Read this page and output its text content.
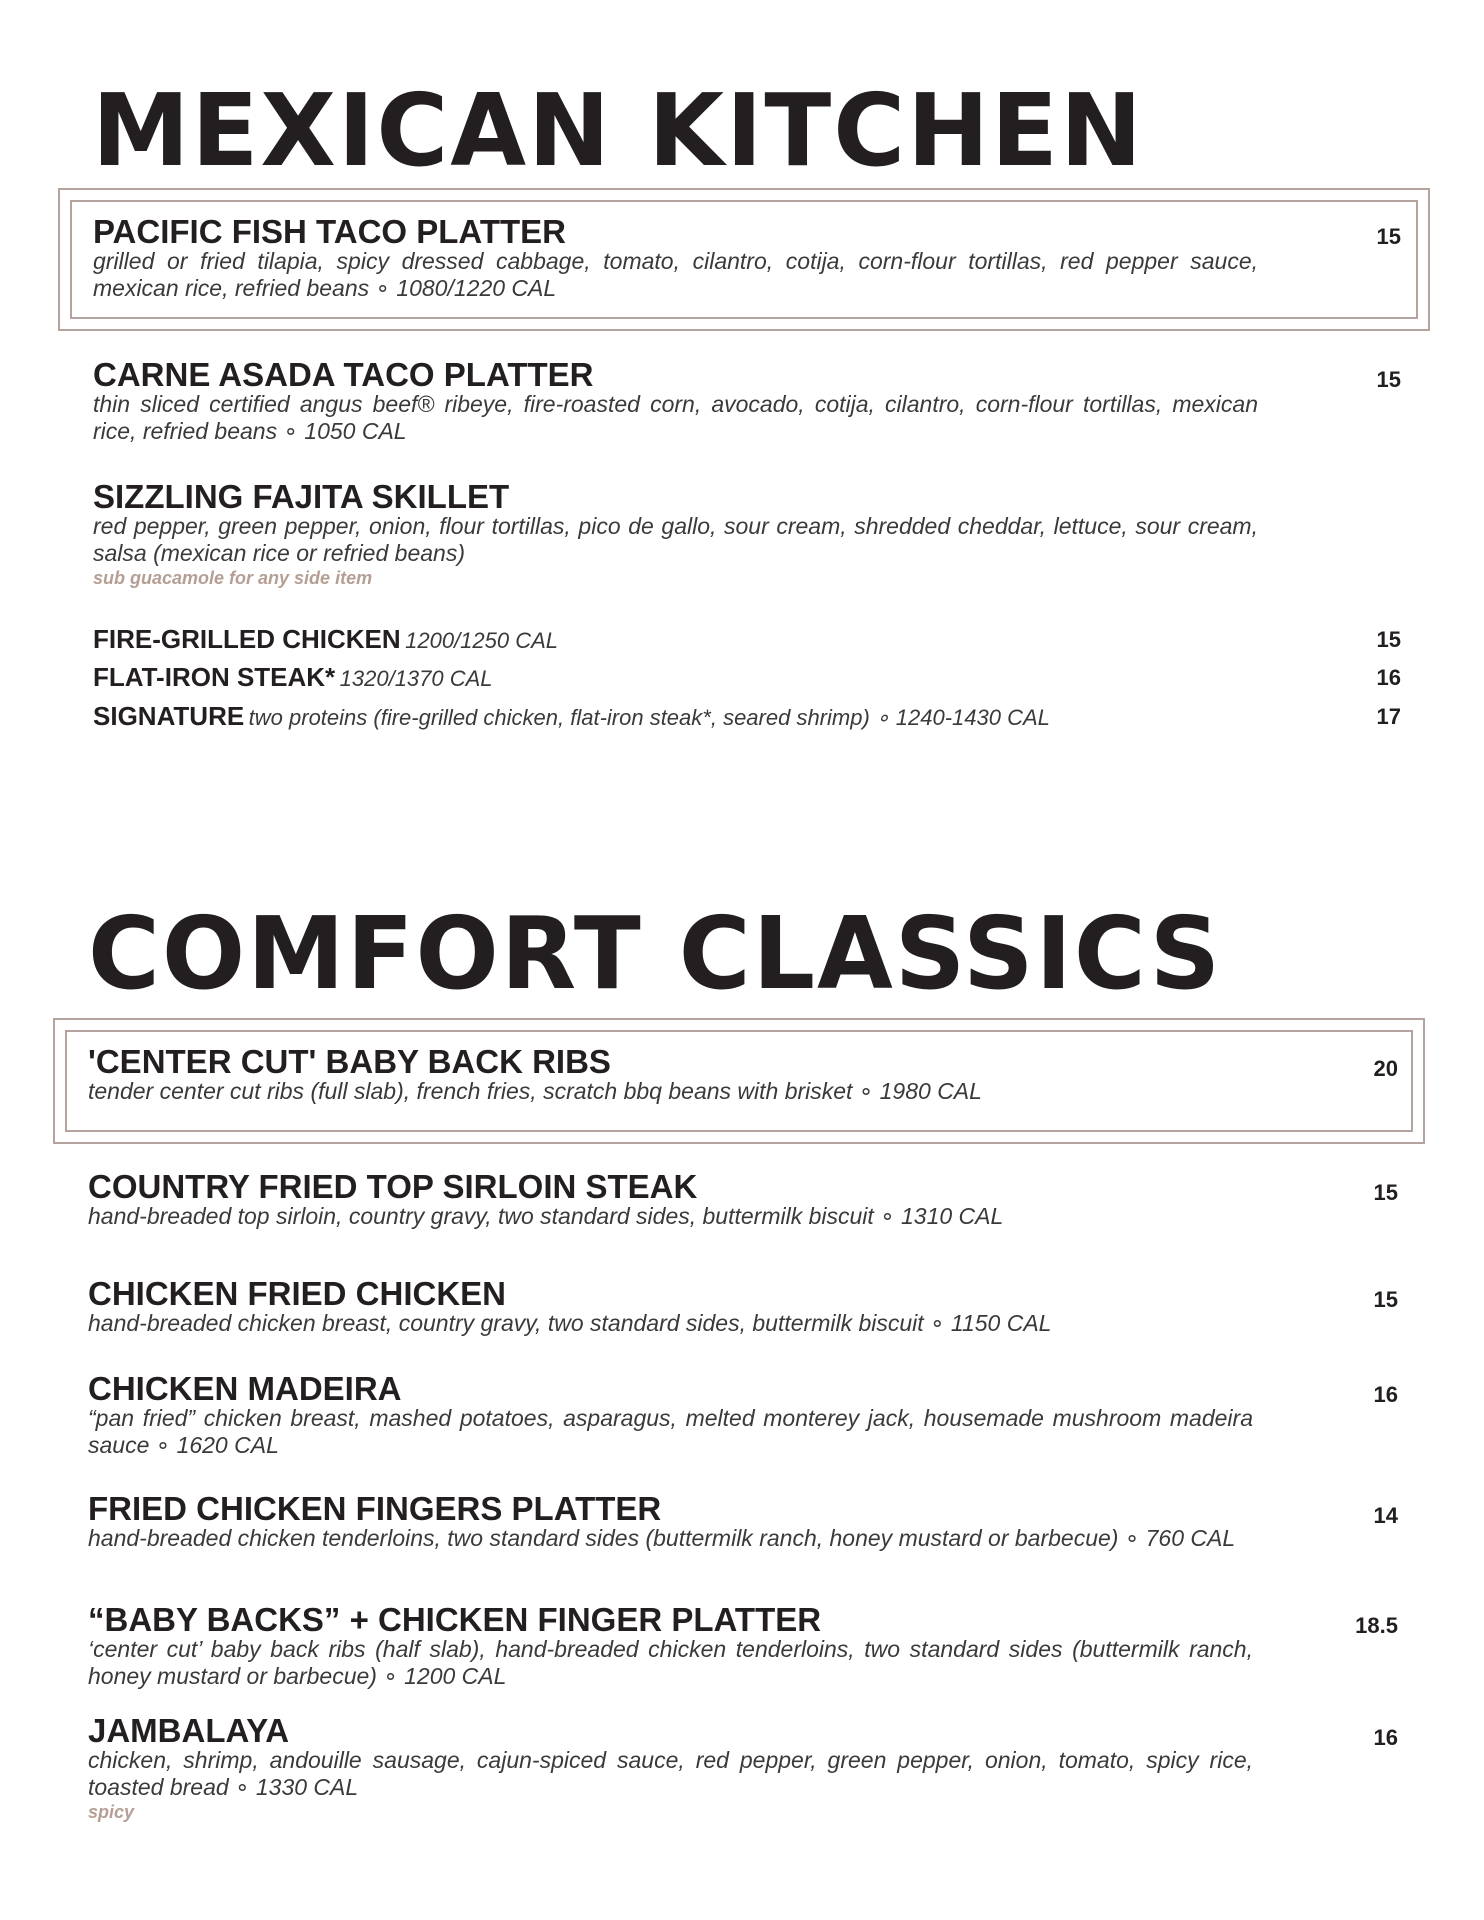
MEXICAN KITCHEN
PACIFIC FISH TACO PLATTER
grilled or fried tilapia, spicy dressed cabbage, tomato, cilantro, cotija, corn-flour tortillas, red pepper sauce, mexican rice, refried beans ∘ 1080/1220 CAL
15
CARNE ASADA TACO PLATTER
thin sliced certified angus beef® ribeye, fire-roasted corn, avocado, cotija, cilantro, corn-flour tortillas, mexican rice, refried beans ∘ 1050 CAL
15
SIZZLING FAJITA SKILLET
red pepper, green pepper, onion, flour tortillas, pico de gallo, sour cream, shredded cheddar, lettuce, sour cream, salsa (mexican rice or refried beans)
sub guacamole for any side item
FIRE-GRILLED CHICKEN 1200/1250 CAL	15
FLAT-IRON STEAK* 1320/1370 CAL	16
SIGNATURE two proteins (fire-grilled chicken, flat-iron steak*, seared shrimp) ∘ 1240-1430 CAL	17
COMFORT CLASSICS
'CENTER CUT' BABY BACK RIBS
tender center cut ribs (full slab), french fries, scratch bbq beans with brisket ∘ 1980 CAL
20
COUNTRY FRIED TOP SIRLOIN STEAK
hand-breaded top sirloin, country gravy, two standard sides, buttermilk biscuit ∘ 1310 CAL
15
CHICKEN FRIED CHICKEN
hand-breaded chicken breast, country gravy, two standard sides, buttermilk biscuit ∘ 1150 CAL
15
CHICKEN MADEIRA
“pan fried” chicken breast, mashed potatoes, asparagus, melted monterey jack, housemade mushroom madeira sauce ∘ 1620 CAL
16
FRIED CHICKEN FINGERS PLATTER
hand-breaded chicken tenderloins, two standard sides (buttermilk ranch, honey mustard or barbecue) ∘ 760 CAL
14
“BABY BACKS” + CHICKEN FINGER PLATTER
‘center cut’ baby back ribs (half slab), hand-breaded chicken tenderloins, two standard sides (buttermilk ranch, honey mustard or barbecue) ∘ 1200 CAL
18.5
JAMBALAYA
chicken, shrimp, andouille sausage, cajun-spiced sauce, red pepper, green pepper, onion, tomato, spicy rice, toasted bread ∘ 1330 CAL
spicy
16
